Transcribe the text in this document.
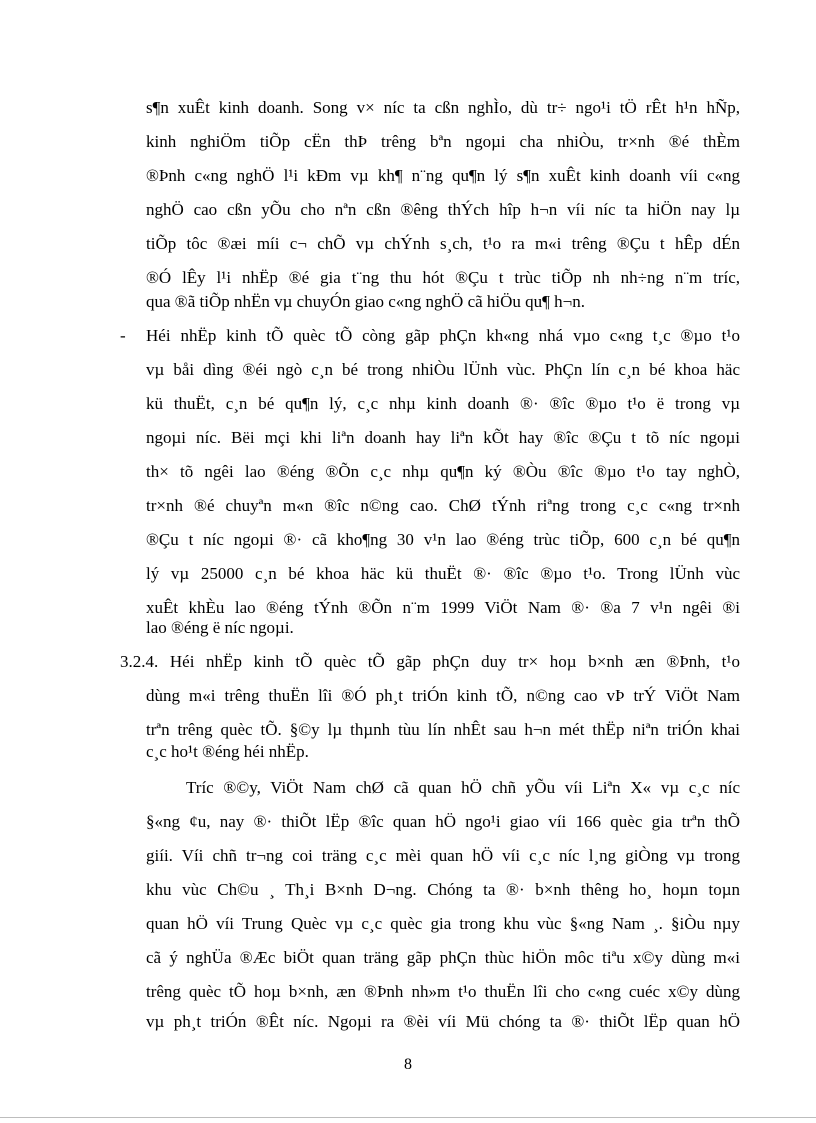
s¶n xuÊt kinh doanh. Song v× níc ta cßn nghÌo, dù tr÷ ngo¹i tÖ rÊt h¹n hÑp,
kinh nghiÖm tiÕp cËn thÞ trêng bªn ngoµi cha nhiÒu, tr×nh ®é thÈm
®Þnh c«ng nghÖ l¹i kÐm vµ kh¶ n¨ng qu¶n lý s¶n xuÊt kinh doanh víi c«ng
nghÖ cao cßn yÕu cho nªn cßn ®êng thÝch hîp h¬n víi níc ta hiÖn nay lµ
tiÕp tôc ®æi míi c¬ chÕ vµ chÝnh s¸ch, t¹o ra m«i trêng ®Çu t hÊp dÉn
®Ó lÊy l¹i nhËp ®é gia t¨ng thu hót ®Çu t trùc tiÕp nh nh÷ng n¨m tríc,
qua ®ã tiÕp nhËn vµ chuyÓn giao c«ng nghÖ cã hiÖu qu¶ h¬n.
- Héi nhËp kinh tÕ quèc tÕ còng gãp phÇn kh«ng nhá vµo c«ng t¸c ®µo t¹o
vµ båi dìng ®éi ngò c¸n bé trong nhiÒu lÜnh vùc. PhÇn lín c¸n bé khoa häc
kü thuËt, c¸n bé qu¶n lý, c¸c nhµ kinh doanh ®· ®îc ®µo t¹o ë trong vµ
ngoµi níc. Bëi mçi khi liªn doanh hay liªn kÕt hay ®îc ®Çu t tõ níc ngoµi
th× tõ ngêi lao ®éng ®Õn c¸c nhµ qu¶n ký ®Òu ®îc ®µo t¹o tay nghÒ,
tr×nh ®é chuyªn m«n ®îc n©ng cao. ChØ tÝnh riªng trong c¸c c«ng tr×nh
®Çu t níc ngoµi ®· cã kho¶ng 30 v¹n lao ®éng trùc tiÕp, 600 c¸n bé qu¶n
lý vµ 25000 c¸n bé khoa häc kü thuËt ®· ®îc ®µo t¹o. Trong lÜnh vùc
xuÊt khÈu lao ®éng tÝnh ®Õn n¨m 1999 ViÖt Nam ®· ®a 7 v¹n ngêi ®i
lao ®éng ë níc ngoµi.
3.2.4. Héi nhËp kinh tÕ quèc tÕ gãp phÇn duy tr× hoµ b×nh æn ®Þnh, t¹o
dùng m«i trêng thuËn lîi ®Ó ph¸t triÓn kinh tÕ, n©ng cao vÞ trÝ ViÖt Nam
trªn trêng quèc tÕ. §©y lµ thµnh tùu lín nhÊt sau h¬n mét thËp niªn triÓn khai
c¸c ho¹t ®éng héi nhËp.
Tríc ®©y, ViÖt Nam chØ cã quan hÖ chñ yÕu víi Liªn X« vµ c¸c níc
§«ng ¢u, nay ®· thiÕt lËp ®îc quan hÖ ngo¹i giao víi 166 quèc gia trªn thÕ
giíi. Víi chñ tr¬ng coi träng c¸c mèi quan hÖ víi c¸c níc l¸ng giÒng vµ trong
khu vùc Ch©u ¸ Th¸i B×nh D¬ng. Chóng ta ®· b×nh thêng ho¸ hoµn toµn
quan hÖ víi Trung Quèc vµ c¸c quèc gia trong khu vùc §«ng Nam ¸. §iÒu nµy
cã ý nghÜa ®Æc biÖt quan träng gãp phÇn thùc hiÖn môc tiªu x©y dùng m«i
trêng quèc tÕ hoµ b×nh, æn ®Þnh nh»m t¹o thuËn lîi cho c«ng cuéc x©y dùng
vµ ph¸t triÓn ®Êt níc. Ngoµi ra ®èi víi Mü chóng ta ®· thiÕt lËp quan hÖ
8
